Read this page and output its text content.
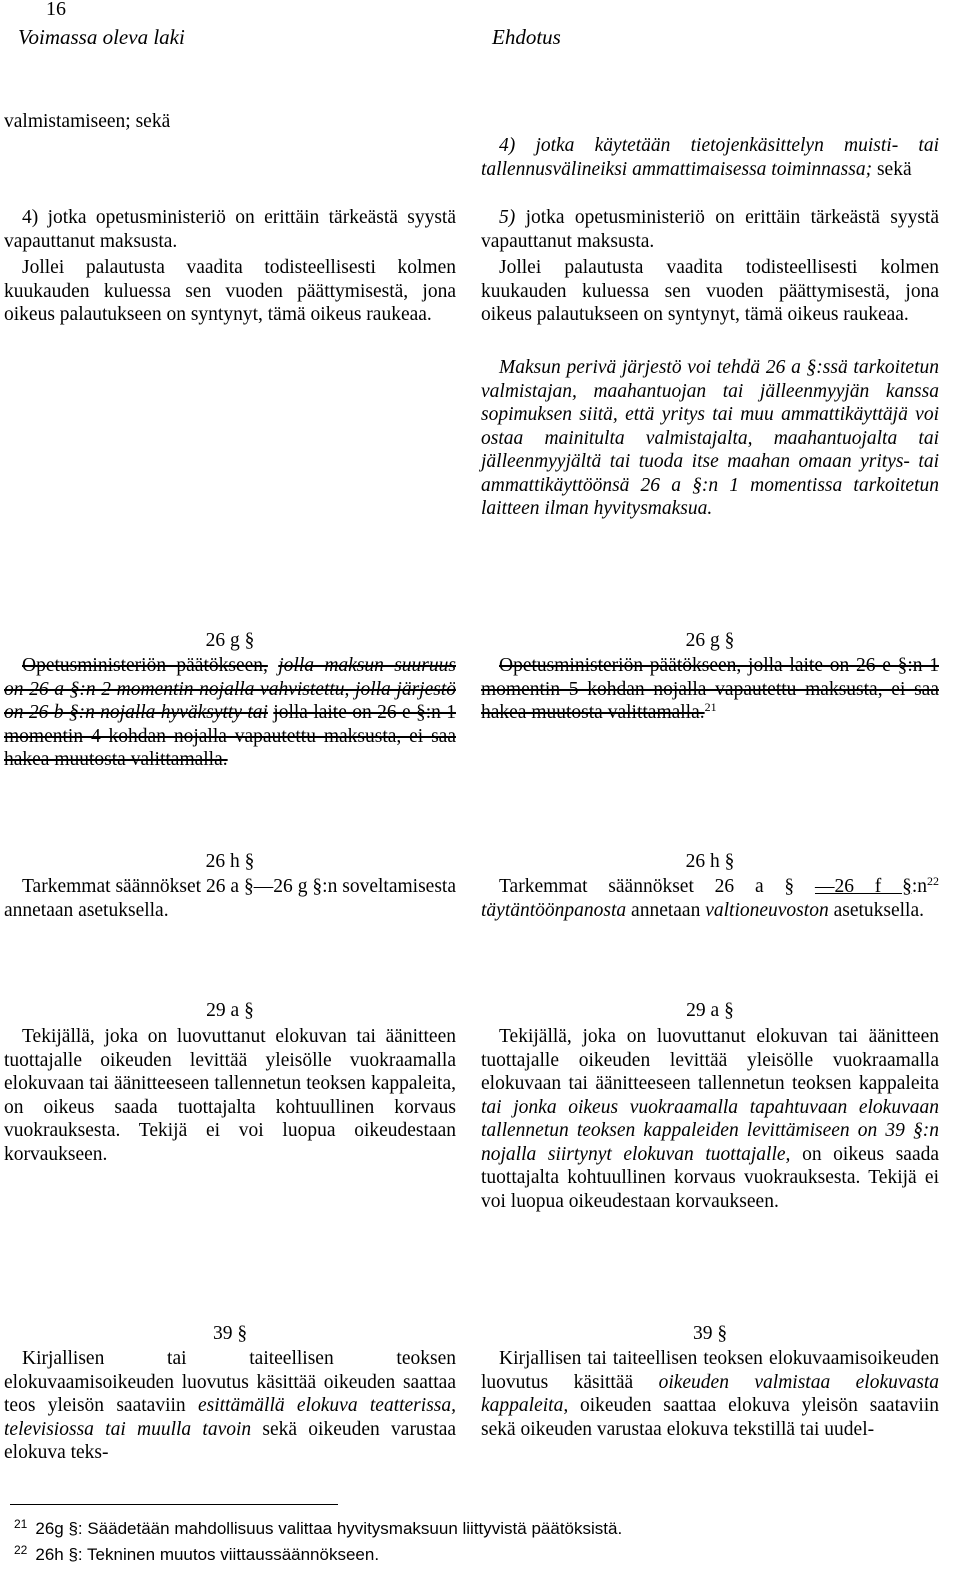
16
Voimassa oleva laki	Ehdotus
valmistamiseen; sekä

4) jotka opetusministeriö on erittäin tärkeästä syystä vapauttanut maksusta.

Jollei palautusta vaadita todisteellisesti kolmen kuukauden kuluessa sen vuoden päättymisestä, jona oikeus palautukseen on syntynyt, tämä oikeus raukeaa.

26 g §

Opetusministeriön päätökseen, jolla maksun suuruus on 26 a §:n 2 momentin nojalla vahvistettu, jolla järjestö on 26 b §:n nojalla hyväksytty tai jolla laite on 26 e §:n 1 momentin 4 kohdan nojalla vapautettu maksusta, ei saa hakea muutosta valittamalla.

26 h §

Tarkemmat säännökset 26 a §—26 g §:n soveltamisesta annetaan asetuksella.

29 a §

Tekijällä, joka on luovuttanut elokuvan tai äänitteen tuottajalle oikeuden levittää yleisölle vuokraamalla elokuvaan tai äänitteeseen tallennetun teoksen kappaleita, on oikeus saada tuottajalta kohtuullinen korvaus vuokrauksesta. Tekijä ei voi luopua oikeudestaan korvaukseen.

39 §

Kirjallisen tai taiteellisen teoksen elokuvaamisoikeuden luovutus käsittää oikeuden saattaa teos yleisön saataviin esittämällä elokuva teatterissa, televisiossa tai muulla tavoin sekä oikeuden varustaa elokuva teks-

4) jotka käytetään tietojenkäsittelyn muisti- tai tallennusvälineiksi ammattimaisessa toiminnassa; sekä

5) jotka opetusministeriö on erittäin tärkeästä syystä vapauttanut maksusta.

Jollei palautusta vaadita todisteellisesti kolmen kuukauden kuluessa sen vuoden päättymisestä, jona oikeus palautukseen on syntynyt, tämä oikeus raukeaa.

Maksun perivä järjestö voi tehdä 26 a §:ssä tarkoitetun valmistajan, maahantuojan tai jälleenmyyjän kanssa sopimuksen siitä, että yritys tai muu ammattikäyttäjä voi ostaa mainitulta valmistajalta, maahantuojalta tai jälleenmyyjältä tai tuoda itse maahan omaan yritys- tai ammattikäyttöönsä 26 a §:n 1 momentissa tarkoitetun laitteen ilman hyvitysmaksua.

26 g §

Opetusministeriön päätökseen, jolla laite on 26 e §:n 1 momentin 5 kohdan nojalla vapautettu maksusta, ei saa hakea muutosta valittamalla.$^{21}$

26 h §

Tarkemmat säännökset 26 a § —26 f $\S:n^{22}$ täytäntöönpanosta annetaan valtioneuvoston asetuksella.

29 a §

Tekijällä, joka on luovuttanut elokuvan tai äänitteen tuottajalle oikeuden levittää yleisölle vuokraamalla elokuvaan tai äänitteeseen tallennetun teoksen kappaleita tai jonka oikeus vuokraamalla tapahtuvaan elokuvaan tallennetun teoksen kappaleiden levittämiseen on 39 §:n nojalla siirtynyt elokuvan tuottajalle, on oikeus saada tuottajalta kohtuullinen korvaus vuokrauksesta. Tekijä ei voi luopua oikeudestaan korvaukseen.

39 §

Kirjallisen tai taiteellisen teoksen elokuvaamisoikeuden luovutus käsittää oikeuden valmistaa elokuvasta kappaleita, oikeuden saattaa elokuva yleisön saataviin sekä oikeuden varustaa elokuva tekstillä tai uudel-

$^{21}$ 26g §: Säädetään mahdollisuus valittaa hyvitysmaksuun liittyvistä päätöksistä.
$^{22}$ 26h §: Tekninen muutos viittaussäännökseen.
